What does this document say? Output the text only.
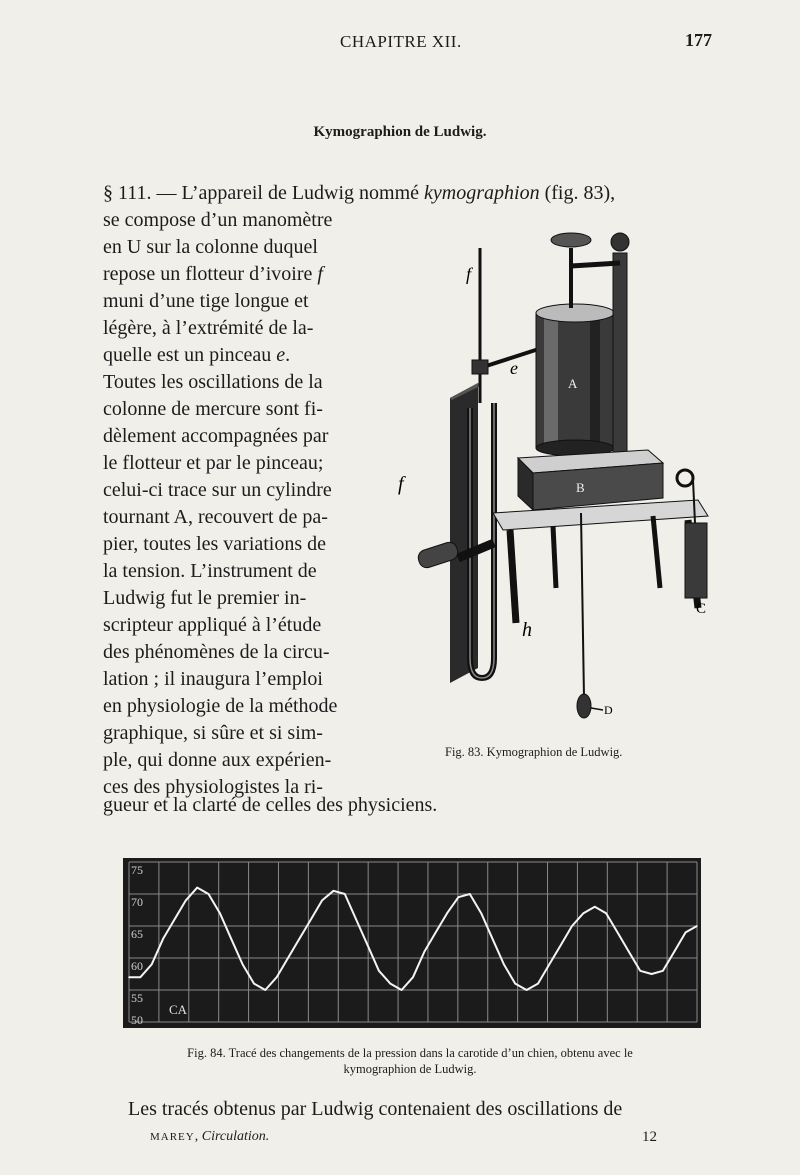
CHAPITRE XII.	177
Kymographion de Ludwig.
§ 111. — L’appareil de Ludwig nommé kymographion (fig. 83),
se compose d’un manomètre
en U sur la colonne duquel
repose un flotteur d’ivoire f
muni d’une tige longue et
légère, à l’extrémité de la-
quelle est un pinceau e.
Toutes les oscillations de la
colonne de mercure sont fi-
dèlement accompagnées par
le flotteur et par le pinceau;
celui-ci trace sur un cylindre
tournant A, recouvert de pa-
pier, toutes les variations de
la tension. L’instrument de
Ludwig fut le premier in-
scripteur appliqué à l’étude
des phénomènes de la circu-
lation ; il inaugura l’emploi
en physiologie de la méthode
graphique, si sûre et si sim-
ple, qui donne aux expérien-
ces des physiologistes la ri-
f
e
A
f	B
h
C
D
Fig. 83. Kymographion de Ludwig.
gueur et la clarté de celles des physiciens.
75
70
65
60
55
50
CA
Fig. 84. Tracé des changements de la pression dans la carotide d’un chien, obtenu avec le
kymographion de Ludwig.
Les tracés obtenus par Ludwig contenaient des oscillations de
MAREY, Circulation.	12
